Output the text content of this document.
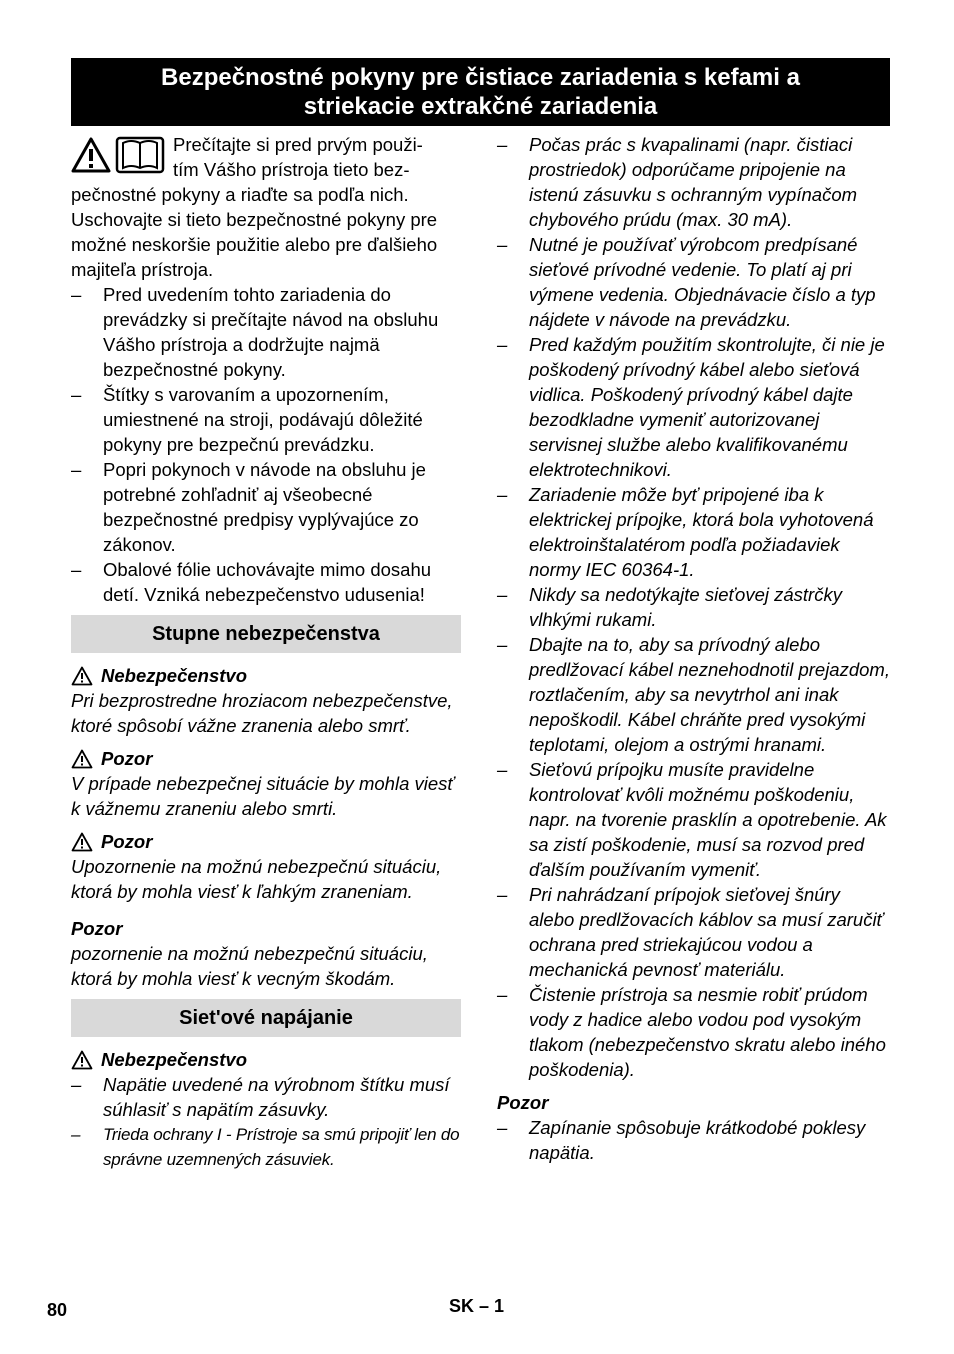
Bezpečnostné pokyny pre čistiace zariadenia s kefami a
striekacie extrakčné zariadenia

Prečítajte si pred prvým použi-

tím Vášho prístroja tieto bez-

pečnostné pokyny a riaďte sa podľa nich. Uschovajte si tieto bezpečnostné pokyny pre možné neskoršie použitie alebo pre ďalšieho majiteľa prístroja.

– Pred uvedením tohto zariadenia do prevádzky si prečítajte návod na obsluhu Vášho prístroja a dodržujte najmä bezpečnostné pokyny.
– Štítky s varovaním a upozornením, umiestnené na stroji, podávajú dôležité pokyny pre bezpečnú prevádzku.
– Popri pokynoch v návode na obsluhu je potrebné zohľadniť aj všeobecné bezpečnostné predpisy vyplývajúce zo zákonov.
– Obalové fólie uchovávajte mimo dosahu detí. Vzniká nebezpečenstvo udusenia!
Stupne nebezpečenstva
Nebezpečenstvo

Pri bezprostredne hroziacom nebezpečenstve, ktoré spôsobí vážne zranenia alebo smrť.

Pozor

V prípade nebezpečnej situácie by mohla viesť k vážnemu zraneniu alebo smrti.

Pozor

Upozornenie na možnú nebezpečnú situáciu, ktorá by mohla viesť k ľahkým zraneniam.

Pozor

pozornenie na možnú nebezpečnú situáciu, ktorá by mohla viesť k vecným škodám.

Siet'ové napájanie
Nebezpečenstvo
– Napätie uvedené na výrobnom štítku musí súhlasiť s napätím zásuvky.
– Trieda ochrany I - Prístroje sa smú pripojiť len do správne uzemnených zásuviek.
– Počas prác s kvapalinami (napr. čistiaci prostriedok) odporúčame pripojenie na istenú zásuvku s ochranným vypínačom chybového prúdu (max. 30 mA).
– Nutné je používať výrobcom predpísané sieťové prívodné vedenie. To platí aj pri výmene vedenia. Objednávacie číslo a typ nájdete v návode na prevádzku.
– Pred každým použitím skontrolujte, či nie je poškodený prívodný kábel alebo sieťová vidlica. Poškodený prívodný kábel dajte bezodkladne vymeniť autorizovanej servisnej službe alebo kvalifikovanému elektrotechnikovi.
– Zariadenie môže byť pripojené iba k elektrickej prípojke, ktorá bola vyhotovená elektroinštalatérom podľa požiadaviek normy IEC 60364-1.
– Nikdy sa nedotýkajte sieťovej zástrčky vlhkými rukami.
– Dbajte na to, aby sa prívodný alebo predlžovací kábel neznehodnotil prejazdom, roztlačením, aby sa nevytrhol ani inak nepoškodil. Kábel chráňte pred vysokými teplotami, olejom a ostrými hranami.
– Sieťovú prípojku musíte pravidelne kontrolovať kvôli možnému poškodeniu, napr. na tvorenie prasklín a opotrebenie. Ak sa zistí poškodenie, musí sa rozvod pred ďalším používaním vymeniť.
– Pri nahrádzaní prípojok sieťovej šnúry alebo predlžovacích káblov sa musí zaručiť ochrana pred striekajúcou vodou a mechanická pevnosť materiálu.
– Čistenie prístroja sa nesmie robiť prúdom vody z hadice alebo vodou pod vysokým tlakom (nebezpečenstvo skratu alebo iného poškodenia).
Pozor
– Zapínanie spôsobuje krátkodobé poklesy napätia.
80	SK – 1
